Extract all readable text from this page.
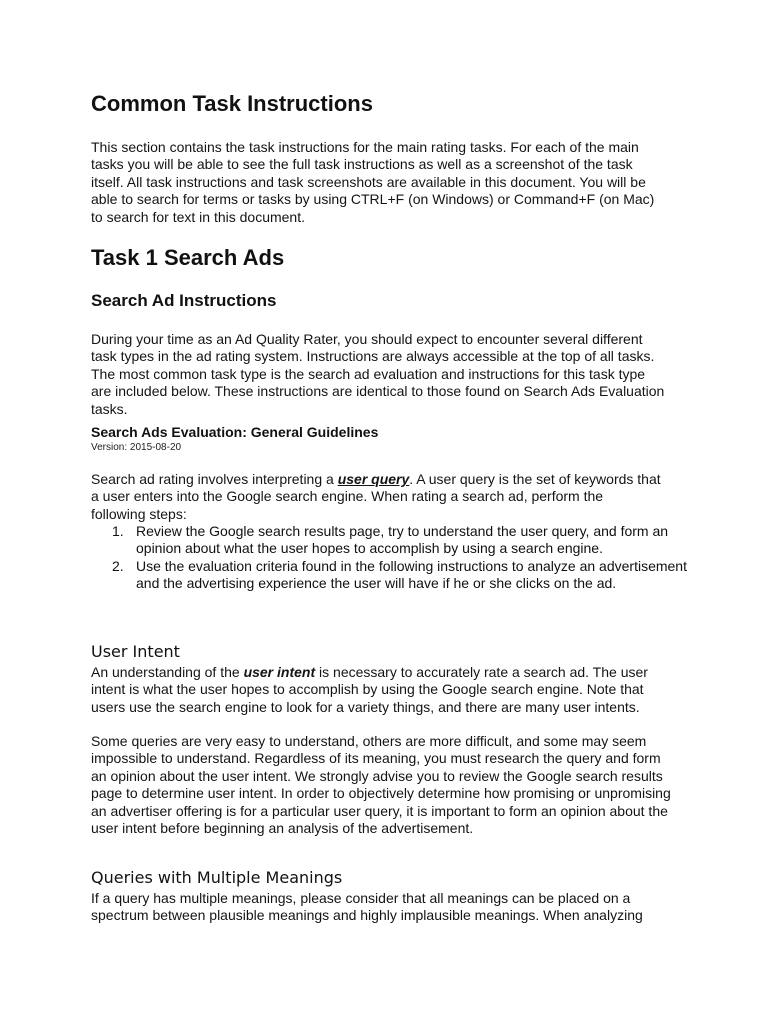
Common Task Instructions

This section contains the task instructions for the main rating tasks. For each of the main tasks you will be able to see the full task instructions as well as a screenshot of the task itself. All task instructions and task screenshots are available in this document. You will be able to search for terms or tasks by using CTRL+F (on Windows) or Command+F (on Mac) to search for text in this document.

Task 1 Search Ads
Search Ad Instructions

During your time as an Ad Quality Rater, you should expect to encounter several different task types in the ad rating system. Instructions are always accessible at the top of all tasks. The most common task type is the search ad evaluation and instructions for this task type are included below. These instructions are identical to those found on Search Ads Evaluation tasks.

Search Ads Evaluation: General Guidelines

Version: 2015-08-20

Search ad rating involves interpreting a user query. A user query is the set of keywords that a user enters into the Google search engine. When rating a search ad, perform the following steps:

1. Review the Google search results page, try to understand the user query, and form an opinion about what the user hopes to accomplish by using a search engine.
2. Use the evaluation criteria found in the following instructions to analyze an advertisement and the advertising experience the user will have if he or she clicks on the ad.
User Intent

An understanding of the user intent is necessary to accurately rate a search ad. The user intent is what the user hopes to accomplish by using the Google search engine. Note that users use the search engine to look for a variety things, and there are many user intents.

Some queries are very easy to understand, others are more difficult, and some may seem impossible to understand. Regardless of its meaning, you must research the query and form an opinion about the user intent. We strongly advise you to review the Google search results page to determine user intent. In order to objectively determine how promising or unpromising an advertiser offering is for a particular user query, it is important to form an opinion about the user intent before beginning an analysis of the advertisement.

Queries with Multiple Meanings

If a query has multiple meanings, please consider that all meanings can be placed on a spectrum between plausible meanings and highly implausible meanings. When analyzing
